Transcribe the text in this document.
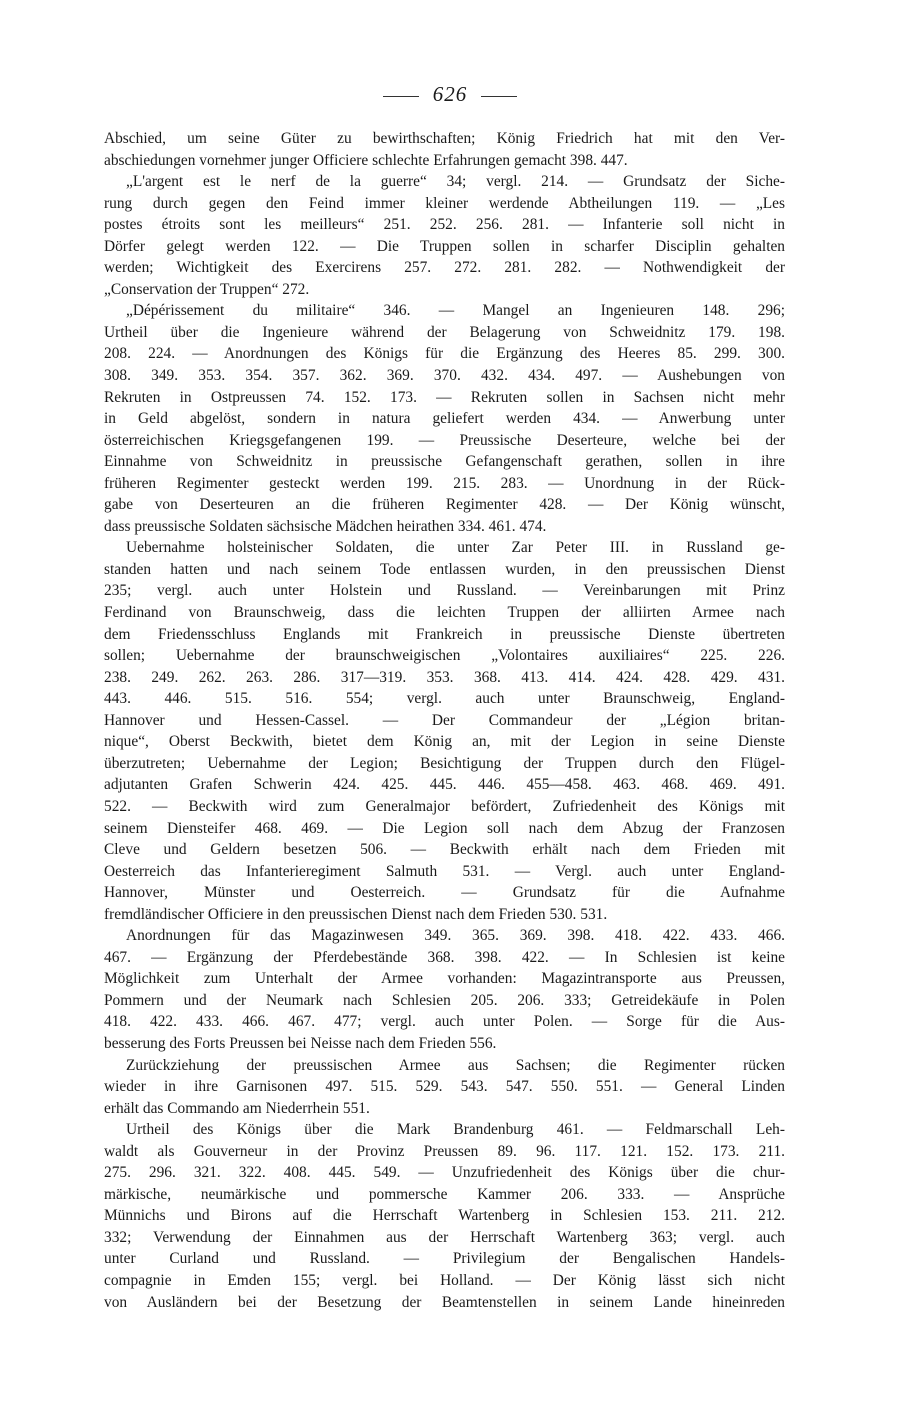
626
Abschied, um seine Güter zu bewirthschaften; König Friedrich hat mit den Ver-
abschiedungen vornehmer junger Officiere schlechte Erfahrungen gemacht 398. 447.
„L'argent est le nerf de la guerre“ 34; vergl. 214. — Grundsatz der Siche-
rung durch gegen den Feind immer kleiner werdende Abtheilungen 119. — „Les
postes étroits sont les meilleurs“ 251. 252. 256. 281. — Infanterie soll nicht in
Dörfer gelegt werden 122. — Die Truppen sollen in scharfer Disciplin gehalten
werden; Wichtigkeit des Exercirens 257. 272. 281. 282. — Nothwendigkeit der
„Conservation der Truppen“ 272.
„Dépérissement du militaire“ 346. — Mangel an Ingenieuren 148. 296;
Urtheil über die Ingenieure während der Belagerung von Schweidnitz 179. 198.
208. 224. — Anordnungen des Königs für die Ergänzung des Heeres 85. 299. 300.
308. 349. 353. 354. 357. 362. 369. 370. 432. 434. 497. — Aushebungen von
Rekruten in Ostpreussen 74. 152. 173. — Rekruten sollen in Sachsen nicht mehr
in Geld abgelöst, sondern in natura geliefert werden 434. — Anwerbung unter
österreichischen Kriegsgefangenen 199. — Preussische Deserteure, welche bei der
Einnahme von Schweidnitz in preussische Gefangenschaft gerathen, sollen in ihre
früheren Regimenter gesteckt werden 199. 215. 283. — Unordnung in der Rück-
gabe von Deserteuren an die früheren Regimenter 428. — Der König wünscht,
dass preussische Soldaten sächsische Mädchen heirathen 334. 461. 474.
Uebernahme holsteinischer Soldaten, die unter Zar Peter III. in Russland ge-
standen hatten und nach seinem Tode entlassen wurden, in den preussischen Dienst
235; vergl. auch unter Holstein und Russland. — Vereinbarungen mit Prinz
Ferdinand von Braunschweig, dass die leichten Truppen der alliirten Armee nach
dem Friedensschluss Englands mit Frankreich in preussische Dienste übertreten
sollen; Uebernahme der braunschweigischen „Volontaires auxiliaires“ 225. 226.
238. 249. 262. 263. 286. 317—319. 353. 368. 413. 414. 424. 428. 429. 431.
443. 446. 515. 516. 554; vergl. auch unter Braunschweig, England-
Hannover und Hessen-Cassel. — Der Commandeur der „Légion britan-
nique“, Oberst Beckwith, bietet dem König an, mit der Legion in seine Dienste
überzutreten; Uebernahme der Legion; Besichtigung der Truppen durch den Flügel-
adjutanten Grafen Schwerin 424. 425. 445. 446. 455—458. 463. 468. 469. 491.
522. — Beckwith wird zum Generalmajor befördert, Zufriedenheit des Königs mit
seinem Diensteifer 468. 469. — Die Legion soll nach dem Abzug der Franzosen
Cleve und Geldern besetzen 506. — Beckwith erhält nach dem Frieden mit
Oesterreich das Infanterieregiment Salmuth 531. — Vergl. auch unter England-
Hannover, Münster und Oesterreich. — Grundsatz für die Aufnahme
fremdländischer Officiere in den preussischen Dienst nach dem Frieden 530. 531.
Anordnungen für das Magazinwesen 349. 365. 369. 398. 418. 422. 433. 466.
467. — Ergänzung der Pferdebestände 368. 398. 422. — In Schlesien ist keine
Möglichkeit zum Unterhalt der Armee vorhanden: Magazintransporte aus Preussen,
Pommern und der Neumark nach Schlesien 205. 206. 333; Getreidekäufe in Polen
418. 422. 433. 466. 467. 477; vergl. auch unter Polen. — Sorge für die Aus-
besserung des Forts Preussen bei Neisse nach dem Frieden 556.
Zurückziehung der preussischen Armee aus Sachsen; die Regimenter rücken
wieder in ihre Garnisonen 497. 515. 529. 543. 547. 550. 551. — General Linden
erhält das Commando am Niederrhein 551.
Urtheil des Königs über die Mark Brandenburg 461. — Feldmarschall Leh-
waldt als Gouverneur in der Provinz Preussen 89. 96. 117. 121. 152. 173. 211.
275. 296. 321. 322. 408. 445. 549. — Unzufriedenheit des Königs über die chur-
märkische, neumärkische und pommersche Kammer 206. 333. — Ansprüche
Münnichs und Birons auf die Herrschaft Wartenberg in Schlesien 153. 211. 212.
332; Verwendung der Einnahmen aus der Herrschaft Wartenberg 363; vergl. auch
unter Curland und Russland. — Privilegium der Bengalischen Handels-
compagnie in Emden 155; vergl. bei Holland. — Der König lässt sich nicht
von Ausländern bei der Besetzung der Beamtenstellen in seinem Lande hineinreden
